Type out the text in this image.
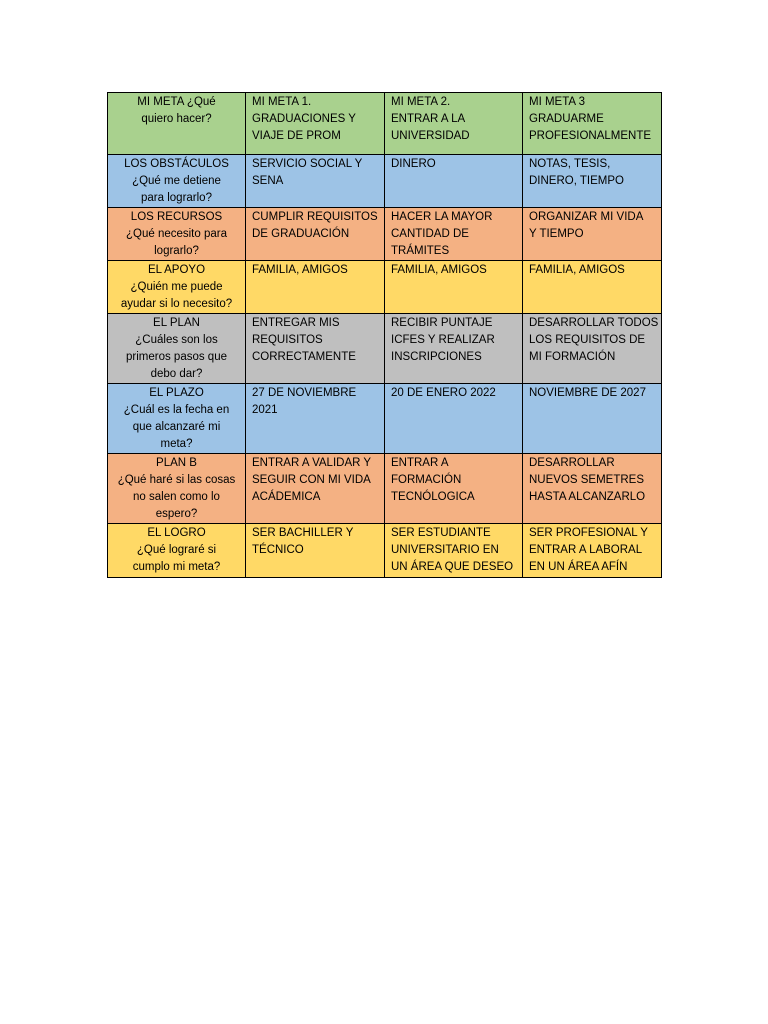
MI META ¿Qué
quiero hacer?	MI META 1.
GRADUACIONES Y
VIAJE DE PROM	MI META 2.
ENTRAR A LA
UNIVERSIDAD	MI META 3
GRADUARME
PROFESIONALMENTE

LOS OBSTÁCULOS
¿Qué me detiene
para lograrlo?	SERVICIO SOCIAL Y
SENA	DINERO	NOTAS, TESIS,
DINERO, TIEMPO

LOS RECURSOS
¿Qué necesito para
lograrlo?	CUMPLIR REQUISITOS
DE GRADUACIÓN	HACER LA MAYOR
CANTIDAD DE
TRÁMITES	ORGANIZAR MI VIDA
Y TIEMPO

EL APOYO
¿Quién me puede
ayudar si lo necesito?	FAMILIA, AMIGOS	FAMILIA, AMIGOS	FAMILIA, AMIGOS

EL PLAN
¿Cuáles son los
primeros pasos que
debo dar?	ENTREGAR MIS
REQUISITOS
CORRECTAMENTE	RECIBIR PUNTAJE
ICFES Y REALIZAR
INSCRIPCIONES	DESARROLLAR TODOS
LOS REQUISITOS DE
MI FORMACIÓN

EL PLAZO
¿Cuál es la fecha en
que alcanzaré mi
meta?	27 DE NOVIEMBRE
2021	20 DE ENERO 2022	NOVIEMBRE DE 2027

PLAN B
¿Qué haré si las cosas
no salen como lo
espero?	ENTRAR A VALIDAR Y
SEGUIR CON MI VIDA
ACÁDEMICA	ENTRAR A
FORMACIÓN
TECNÓLOGICA	DESARROLLAR
NUEVOS SEMETRES
HASTA ALCANZARLO

EL LOGRO
¿Qué lograré si
cumplo mi meta?	SER BACHILLER Y
TÉCNICO	SER ESTUDIANTE
UNIVERSITARIO EN
UN ÁREA QUE DESEO	SER PROFESIONAL Y
ENTRAR A LABORAL
EN UN ÁREA AFÍN
